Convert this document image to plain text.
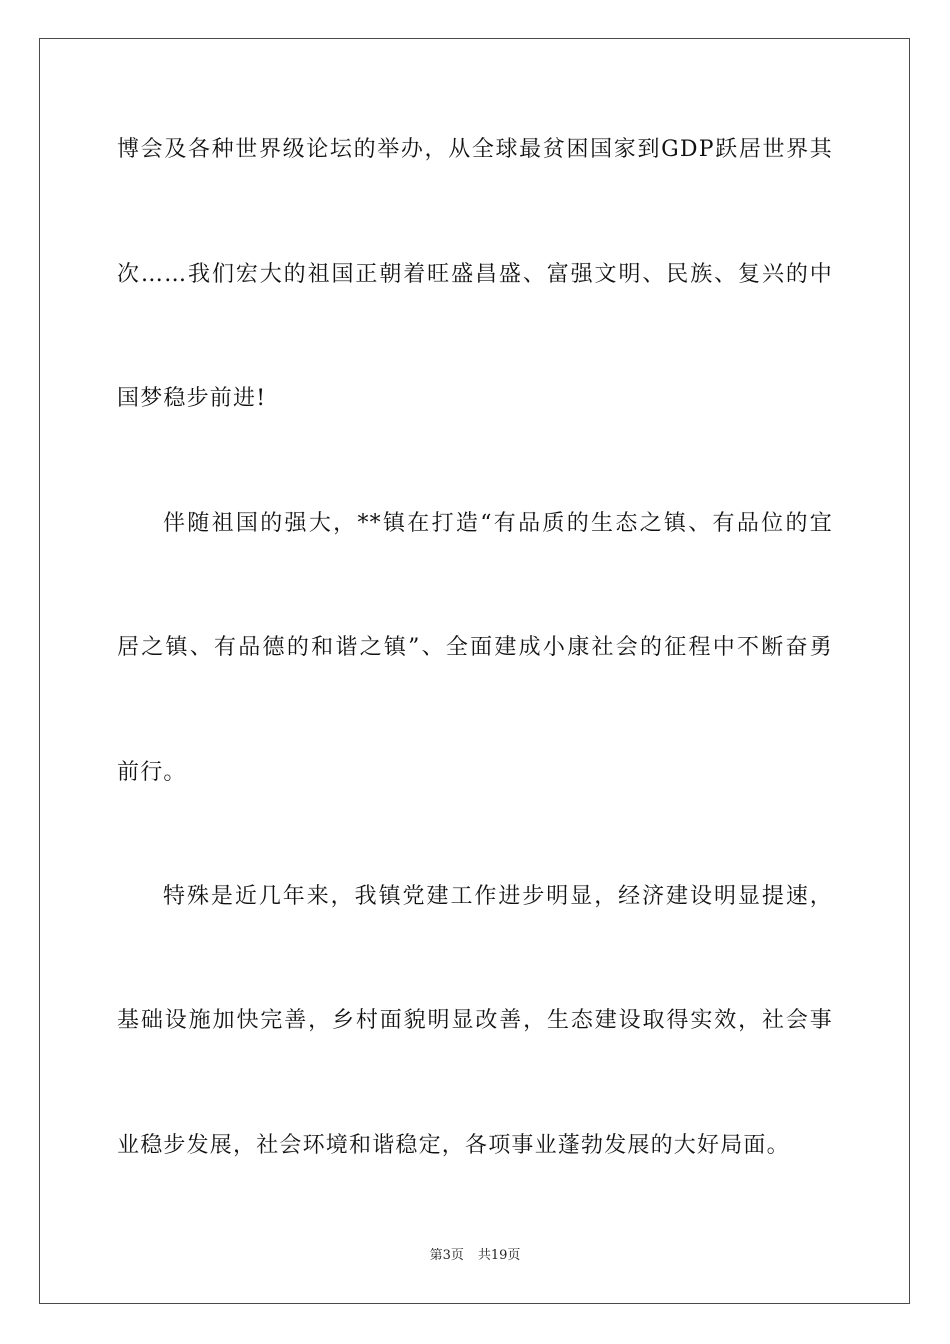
博会及各种世界级论坛的举办，从全球最贫困国家到GDP跃居世界其
次……我们宏大的祖国正朝着旺盛昌盛、富强文明、民族、复兴的中
国梦稳步前进!
伴随祖国的强大，**镇在打造“有品质的生态之镇、有品位的宜
居之镇、有品德的和谐之镇”、全面建成小康社会的征程中不断奋勇
前行。
特殊是近几年来，我镇党建工作进步明显，经济建设明显提速，
基础设施加快完善，乡村面貌明显改善，生态建设取得实效，社会事
业稳步发展，社会环境和谐稳定，各项事业蓬勃发展的大好局面。
第3页 共19页
